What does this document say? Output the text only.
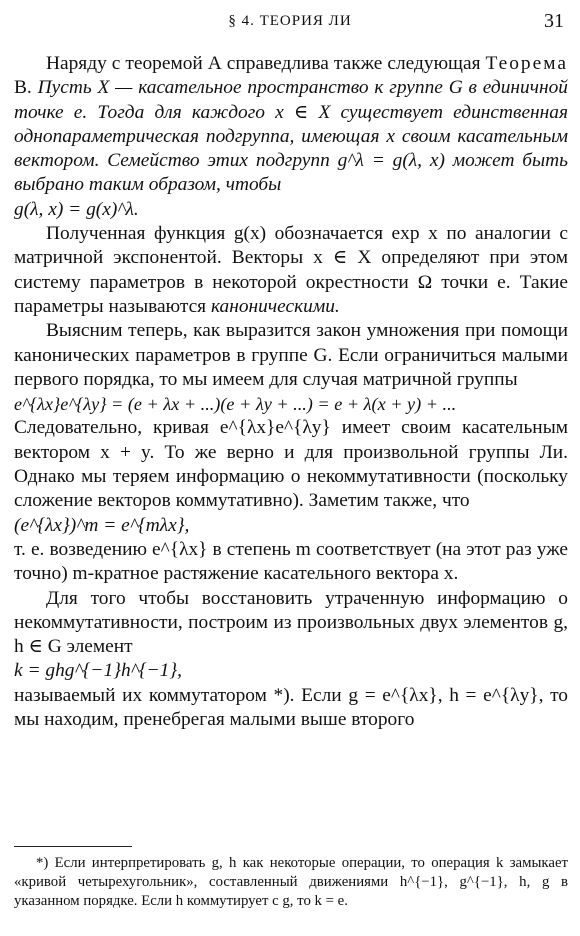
§ 4. ТЕОРИЯ ЛИ	31

Наряду с теоремой А справедлива также следующая Теорема B. Пусть X — касательное пространство к группе G в единичной точке e. Тогда для каждого x ∈ X существует единственная однопараметрическая подгруппа, имеющая x своим касательным вектором. Семейство этих подгрупп g^λ = g(λ, x) может быть выбрано таким образом, чтобы

g(λ, x) = g(x)^λ.

Полученная функция g(x) обозначается exp x по аналогии с матричной экспонентой. Векторы x ∈ X определяют при этом систему параметров в некоторой окрестности Ω точки e. Такие параметры называются каноническими.

Выясним теперь, как выразится закон умножения при помощи канонических параметров в группе G. Если ограничиться малыми первого порядка, то мы имеем для случая матричной группы

e^{λx}e^{λy} = (e + λx + ...)(e + λy + ...) = e + λ(x + y) + ...

Следовательно, кривая e^{λx}e^{λy} имеет своим касательным вектором x + y. То же верно и для произвольной группы Ли. Однако мы теряем информацию о некоммутативности (поскольку сложение векторов коммутативно). Заметим также, что

(e^{λx})^m = e^{mλx},

т. е. возведению e^{λx} в степень m соответствует (на этот раз уже точно) m-кратное растяжение касательного вектора x.

Для того чтобы восстановить утраченную информацию о некоммутативности, построим из произвольных двух элементов g, h ∈ G элемент

k = ghg^{−1}h^{−1},

называемый их коммутатором *). Если g = e^{λx}, h = e^{λy}, то мы находим, пренебрегая малыми выше второго

*) Если интерпретировать g, h как некоторые операции, то операция k замыкает «кривой четырехугольник», составленный движениями h^{−1}, g^{−1}, h, g в указанном порядке. Если h коммутирует с g, то k = e.
